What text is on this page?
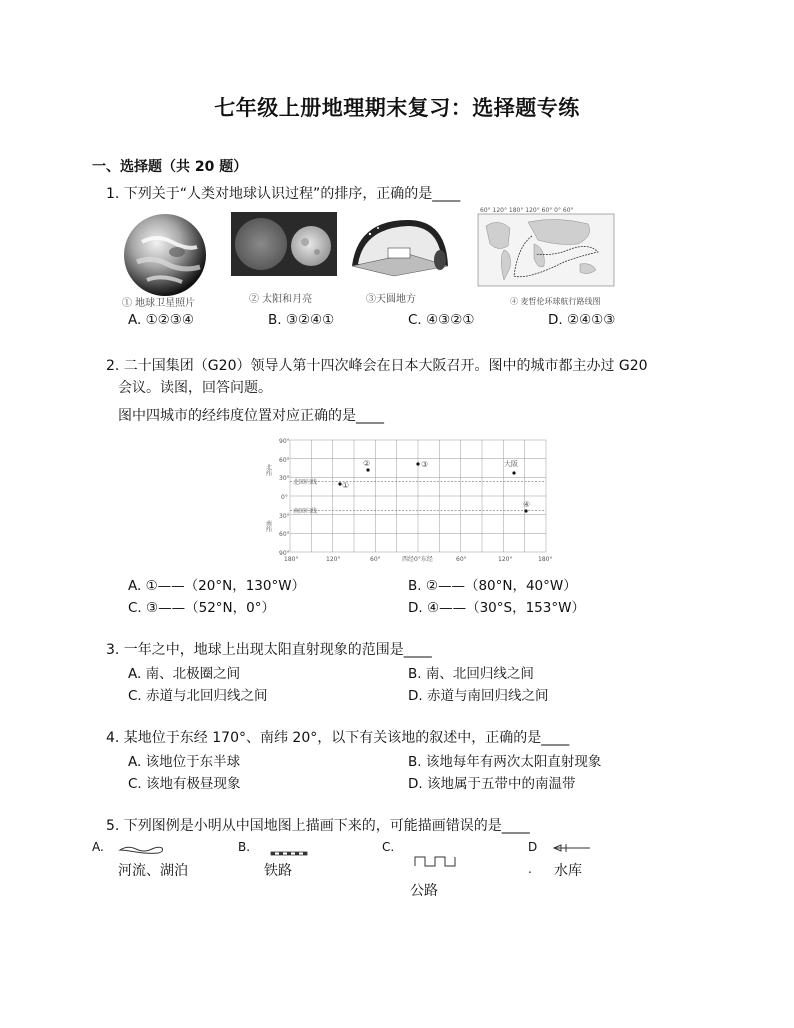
七年级上册地理期末复习：选择题专练
一、选择题（共 20 题）
1. 下列关于“人类对地球认识过程”的排序，正确的是____
① 地球卫星照片	② 太阳和月亮	③天圆地方
60° 120° 180° 120° 60° 0° 60°
④ 麦哲伦环球航行路线图
A. ①②③④	B. ③②④①	C. ④③②①	D. ②④①③
2. 二十国集团（G20）领导人第十四次峰会在日本大阪召开。图中的城市都主办过 G20
会议。读图，回答问题。
图中四城市的经纬度位置对应正确的是____
北回归线
南回归线
90°
60°
30°
0°
30°
60°
90°
北纬
南纬
180°	120°	60°	西经0°东经	60°	120°	180°
①
②	③	大阪
④
A. ①——（20°N，130°W）	B. ②——（80°N，40°W）
C. ③——（52°N，0°）	D. ④——（30°S，153°W）
3. 一年之中，地球上出现太阳直射现象的范围是____
A. 南、北极圈之间	B. 南、北回归线之间
C. 赤道与北回归线之间	D. 赤道与南回归线之间
4. 某地位于东经 170°、南纬 20°，以下有关该地的叙述中，正确的是____
A. 该地位于东半球	B. 该地每年有两次太阳直射现象
C. 该地有极昼现象	D. 该地属于五带中的南温带
5. 下列图例是小明从中国地图上描画下来的，可能描画错误的是____
A.
河流、湖泊
B.
铁路
C.
公路
D
. 水库
